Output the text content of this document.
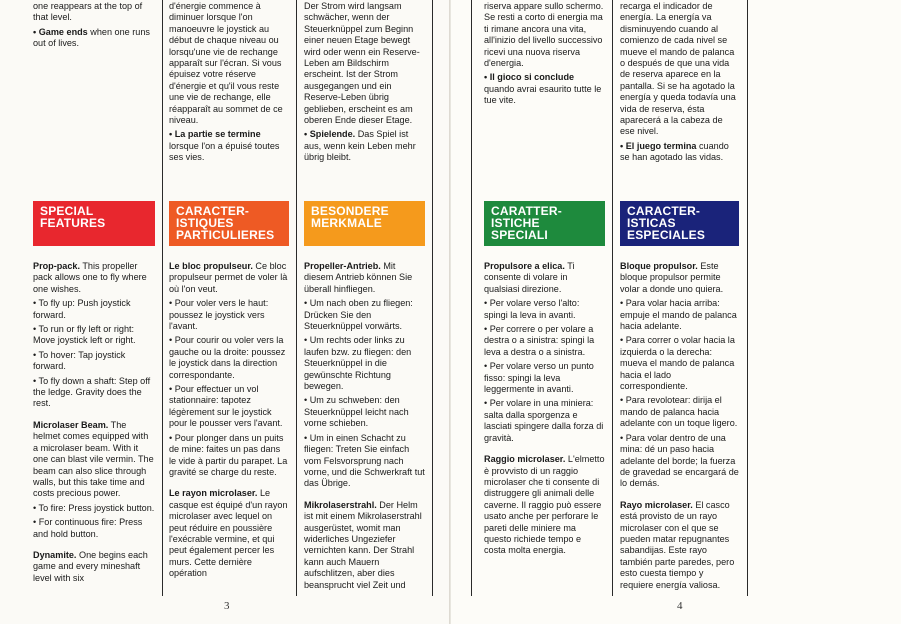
one reappears at the top of that level.

• Game ends when one runs out of lives.

SPECIAL
FEATURES

Prop-pack. This propeller pack allows one to fly where one wishes.

• To fly up: Push joystick forward.

• To run or fly left or right: Move joystick left or right.

• To hover: Tap joystick forward.

• To fly down a shaft: Step off the ledge. Gravity does the rest.

Microlaser Beam. The helmet comes equipped with a microlaser beam. With it one can blast vile vermin. The beam can also slice through walls, but this take time and costs precious power.

• To fire: Press joystick button.

• For continuous fire: Press and hold button.

Dynamite. One begins each game and every mineshaft level with six

d'énergie commence à diminuer lorsque l'on manoeuvre le joystick au début de chaque niveau ou lorsqu'une vie de rechange apparaît sur l'écran. Si vous épuisez votre réserve d'énergie et qu'il vous reste une vie de rechange, elle réapparaît au sommet de ce niveau.

• La partie se termine lorsque l'on a épuisé toutes ses vies.

CARACTER-
ISTIQUES
PARTICULIERES

Le bloc propulseur. Ce bloc propulseur permet de voler là où l'on veut.

• Pour voler vers le haut: poussez le joystick vers l'avant.

• Pour courir ou voler vers la gauche ou la droite: poussez le joystick dans la direction correspondante.

• Pour effectuer un vol stationnaire: tapotez légèrement sur le joystick pour le pousser vers l'avant.

• Pour plonger dans un puits de mine: faites un pas dans le vide à partir du parapet. La gravité se charge du reste.

Le rayon microlaser. Le casque est équipé d'un rayon microlaser avec lequel on peut réduire en poussière l'exécrable vermine, et qui peut également percer les murs. Cette dernière opération

Der Strom wird langsam schwächer, wenn der Steuerknüppel zum Beginn einer neuen Etage bewegt wird oder wenn ein Reserve-Leben am Bildschirm erscheint. Ist der Strom ausgegangen und ein Reserve-Leben übrig geblieben, erscheint es am oberen Ende dieser Etage.

• Spielende. Das Spiel ist aus, wenn kein Leben mehr übrig bleibt.

BESONDERE
MERKMALE

Propeller-Antrieb. Mit diesem Antrieb können Sie überall hinfliegen.

• Um nach oben zu fliegen: Drücken Sie den Steuerknüppel vorwärts.

• Um rechts oder links zu laufen bzw. zu fliegen: den Steuerknüppel in die gewünschte Richtung bewegen.

• Um zu schweben: den Steuerknüppel leicht nach vorne schieben.

• Um in einen Schacht zu fliegen: Treten Sie einfach vom Felsvorsprung nach vorne, und die Schwerkraft tut das Übrige.

Mikrolaserstrahl. Der Helm ist mit einem Mikrolaserstrahl ausgerüstet, womit man widerliches Ungeziefer vernichten kann. Der Strahl kann auch Mauern aufschlitzen, aber dies beansprucht viel Zeit und

3

riserva appare sullo schermo. Se resti a corto di energia ma ti rimane ancora una vita, all'inizio del livello successivo ricevi una nuova riserva d'energia.

• Il gioco si conclude quando avrai esaurito tutte le tue vite.

CARATTER-
ISTICHE
SPECIALI

Propulsore a elica. Ti consente di volare in qualsiasi direzione.

• Per volare verso l'alto: spingi la leva in avanti.

• Per correre o per volare a destra o a sinistra: spingi la leva a destra o a sinistra.

• Per volare verso un punto fisso: spingi la leva leggermente in avanti.

• Per volare in una miniera: salta dalla sporgenza e lasciati spingere dalla forza di gravità.

Raggio microlaser. L'elmetto è provvisto di un raggio microlaser che ti consente di distruggere gli animali delle caverne. Il raggio può essere usato anche per perforare le pareti delle miniere ma questo richiede tempo e costa molta energia.

recarga el indicador de energía. La energía va disminuyendo cuando al comienzo de cada nivel se mueve el mando de palanca o después de que una vida de reserva aparece en la pantalla. Si se ha agotado la energía y queda todavía una vida de reserva, ésta aparecerá a la cabeza de ese nivel.

• El juego termina cuando se han agotado las vidas.

CARACTER-
ISTICAS
ESPECIALES

Bloque propulsor. Este bloque propulsor permite volar a donde uno quiera.

• Para volar hacia arriba: empuje el mando de palanca hacia adelante.

• Para correr o volar hacia la izquierda o la derecha: mueva el mando de palanca hacia el lado correspondiente.

• Para revolotear: dirija el mando de palanca hacia adelante con un toque ligero.

• Para volar dentro de una mina: dé un paso hacia adelante del borde; la fuerza de gravedad se encargará de lo demás.

Rayo microlaser. El casco está provisto de un rayo microlaser con el que se pueden matar repugnantes sabandijas. Este rayo también parte paredes, pero esto cuesta tiempo y requiere energía valiosa.

4
